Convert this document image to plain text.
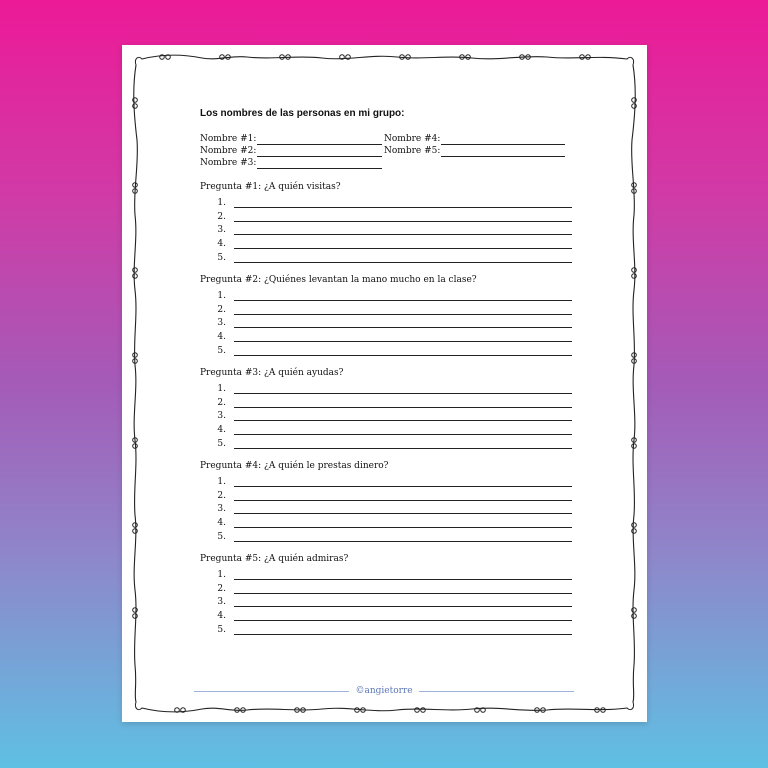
Los nombres de las personas en mi grupo:
Nombre #1:	Nombre #4:
Nombre #2:	Nombre #5:
Nombre #3:
Pregunta #1: ¿A quién visitas?
1.
2.
3.
4.
5.
Pregunta #2: ¿Quiénes levantan la mano mucho en la clase?
1.
2.
3.
4.
5.
Pregunta #3: ¿A quién ayudas?
1.
2.
3.
4.
5.
Pregunta #4: ¿A quién le prestas dinero?
1.
2.
3.
4.
5.
Pregunta #5: ¿A quién admiras?
1.
2.
3.
4.
5.
©angietorre
